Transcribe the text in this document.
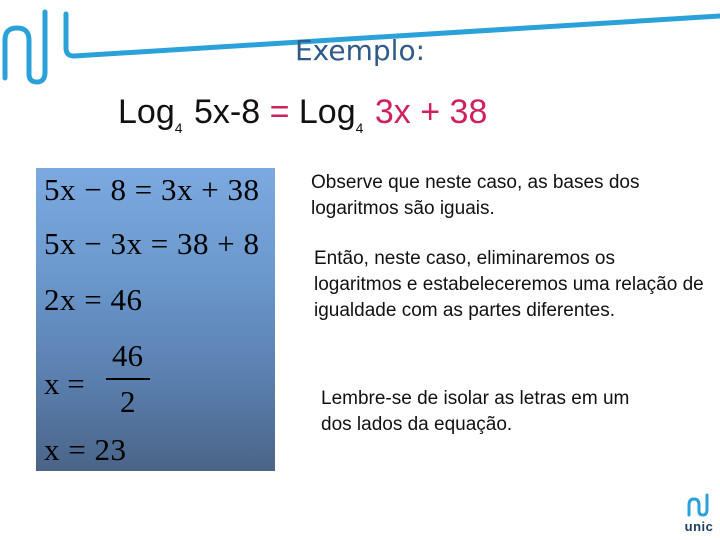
Exemplo:
Log$_4$ 5x-8 = Log$_4$ 3x + 38
5x − 8 = 3x + 38
5x − 3x = 38 + 8
2x = 46
x =
46
2
x = 23
Observe que neste caso, as bases dos logaritmos são iguais.
Então, neste caso, eliminaremos os logaritmos e estabeleceremos uma relação de igualdade com as partes diferentes.
Lembre-se de isolar as letras em um dos lados da equação.
unic
